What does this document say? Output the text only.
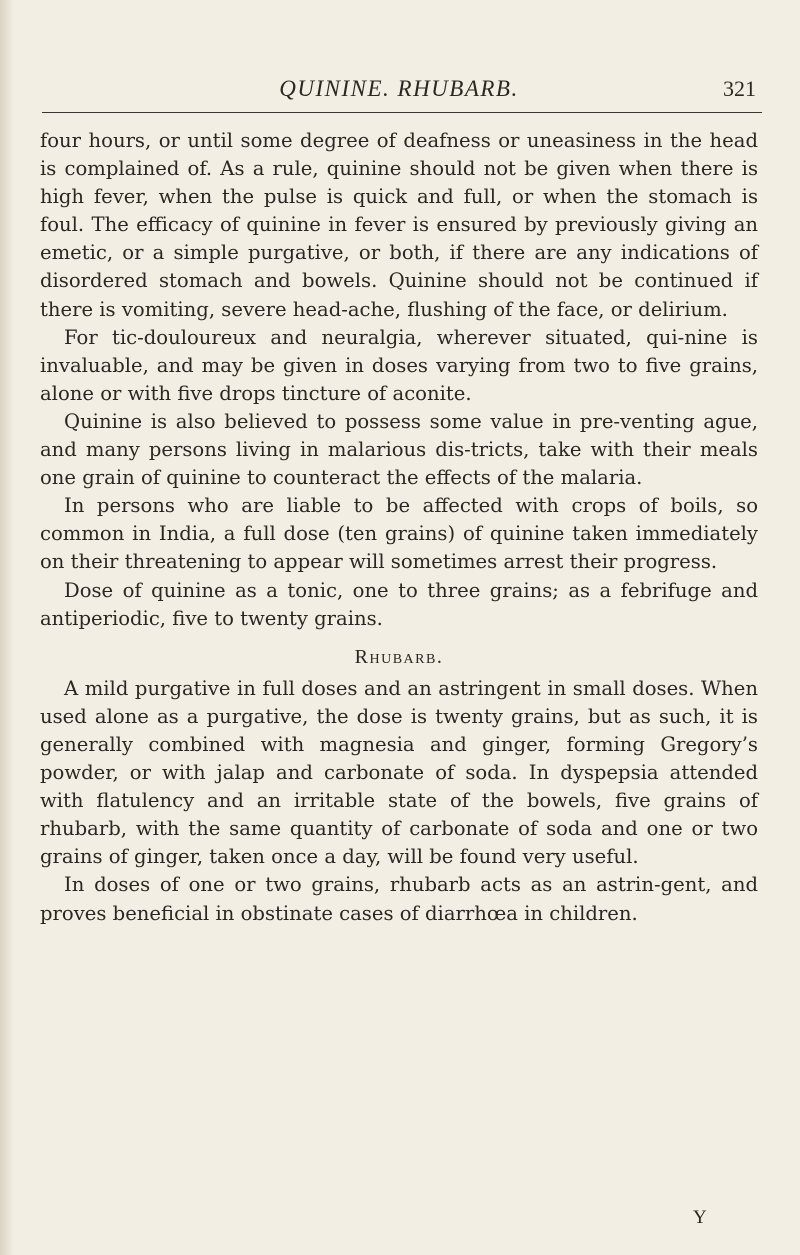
QUININE. RHUBARB.	321

four hours, or until some degree of deafness or uneasiness in the head is complained of. As a rule, quinine should not be given when there is high fever, when the pulse is quick and full, or when the stomach is foul. The efficacy of quinine in fever is ensured by previously giving an emetic, or a simple purgative, or both, if there are any indications of disordered stomach and bowels. Quinine should not be continued if there is vomiting, severe head-ache, flushing of the face, or delirium.

For tic-douloureux and neuralgia, wherever situated, qui-nine is invaluable, and may be given in doses varying from two to five grains, alone or with five drops tincture of aconite.

Quinine is also believed to possess some value in pre-venting ague, and many persons living in malarious dis-tricts, take with their meals one grain of quinine to counteract the effects of the malaria.

In persons who are liable to be affected with crops of boils, so common in India, a full dose (ten grains) of quinine taken immediately on their threatening to appear will sometimes arrest their progress.

Dose of quinine as a tonic, one to three grains; as a febrifuge and antiperiodic, five to twenty grains.

Rhubarb.

A mild purgative in full doses and an astringent in small doses. When used alone as a purgative, the dose is twenty grains, but as such, it is generally combined with magnesia and ginger, forming Gregory’s powder, or with jalap and carbonate of soda. In dyspepsia attended with flatulency and an irritable state of the bowels, five grains of rhubarb, with the same quantity of carbonate of soda and one or two grains of ginger, taken once a day, will be found very useful.

In doses of one or two grains, rhubarb acts as an astrin-gent, and proves beneficial in obstinate cases of diarrhœa in children.

Y
